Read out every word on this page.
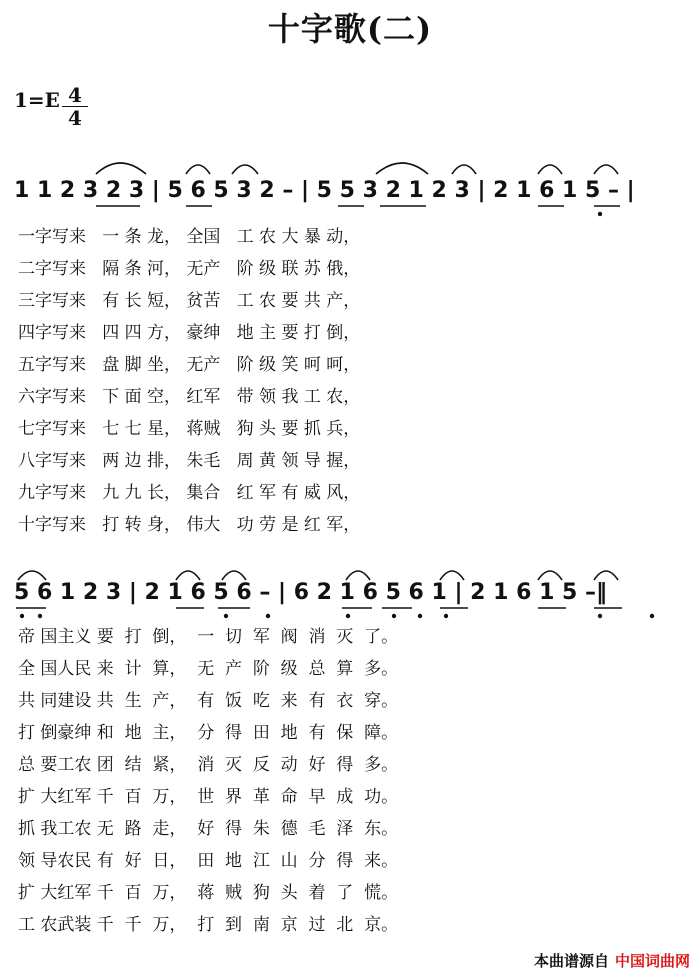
十字歌(二)
1=E 4
4
1 1 2 3 2 3 | 5 6 5 3 2 – | 5 5 3 2 1 2 3 | 2 1 6 1 5 – |
一字写来   一 条 龙， 全国   工 农 大 暴 动，
二字写来   隔 条 河， 无产   阶 级 联 苏 俄，
三字写来   有 长 短， 贫苦   工 农 要 共 产，
四字写来   四 四 方， 豪绅   地 主 要 打 倒，
五字写来   盘 脚 坐， 无产   阶 级 笑 呵 呵，
六字写来   下 面 空， 红军   带 领 我 工 农，
七字写来   七 七 星， 蒋贼   狗 头 要 抓 兵，
八字写来   两 边 排， 朱毛   周 黄 领 导 握，
九字写来   九 九 长， 集合   红 军 有 威 风，
十字写来   打 转 身， 伟大   功 劳 是 红 军，
5 6 1 2 3 | 2 1 6 5 6 – | 6 2 1 6 5 6 1 | 2 1 6 1 5 –‖
帝 国主义 要  打  倒，  一  切  军  阀  消  灭  了。
全 国人民 来  计  算，  无  产  阶  级  总  算  多。
共 同建设 共  生  产，  有  饭  吃  来  有  衣  穿。
打 倒豪绅 和  地  主，  分  得  田  地  有  保  障。
总 要工农 团  结  紧，  消  灭  反  动  好  得  多。
扩 大红军 千  百  万，  世  界  革  命  早  成  功。
抓 我工农 无  路  走，  好  得  朱  德  毛  泽  东。
领 导农民 有  好  日，  田  地  江  山  分  得  来。
扩 大红军 千  百  万，  蒋  贼  狗  头  着  了  慌。
工 农武装 千  千  万，  打  到  南  京  过  北  京。
本曲谱源自 中国词曲网
